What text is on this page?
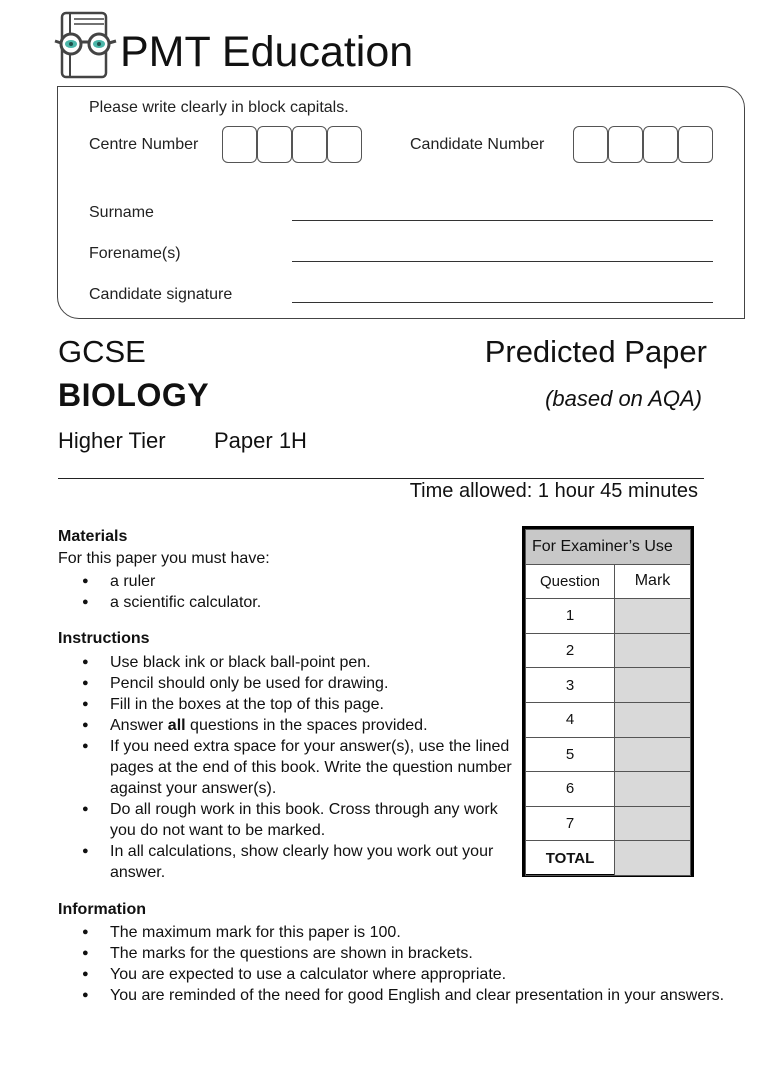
PMT Education
Please write clearly in block capitals.
Centre Number	Candidate Number
Surname
Forename(s)
Candidate signature
GCSE	Predicted Paper
BIOLOGY	(based on AQA)
Higher Tier Paper 1H
Time allowed: 1 hour 45 minutes
Materials
For this paper you must have:
● a ruler
● a scientific calculator.
Instructions
● Use black ink or black ball-point pen.
● Pencil should only be used for drawing.
● Fill in the boxes at the top of this page.
● Answer all questions in the spaces provided.
● If you need extra space for your answer(s), use the lined pages at the end of this book. Write the question number against your answer(s).
● Do all rough work in this book. Cross through any work you do not want to be marked.
● In all calculations, show clearly how you work out your answer.
Information
● The maximum mark for this paper is 100.
● The marks for the questions are shown in brackets.
● You are expected to use a calculator where appropriate.
● You are reminded of the need for good English and clear presentation in your answers.
For Examiner’s Use	
Question	Mark
1	
2	
3	
4	
5	
6	
7	
TOTAL	
